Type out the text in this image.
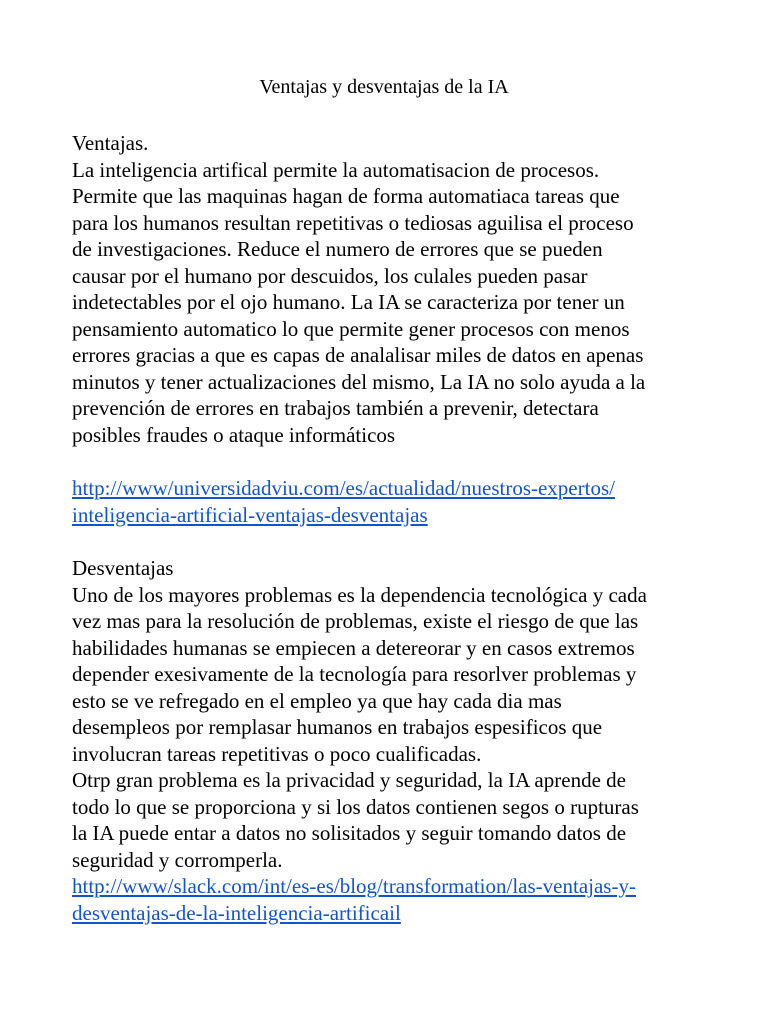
Ventajas y desventajas de la IA

Ventajas.

La inteligencia artifical permite la automatisacion de procesos.

Permite que las maquinas hagan de forma automatiaca tareas que

para los humanos resultan repetitivas o tediosas aguilisa el proceso

de investigaciones. Reduce el numero de errores que se pueden

causar por el humano por descuidos, los culales pueden pasar

indetectables por el ojo humano. La IA se caracteriza por tener un

pensamiento automatico lo que permite gener procesos con menos

errores gracias a que es capas de analalisar miles de datos en apenas

minutos y tener actualizaciones del mismo, La IA no solo ayuda a la

prevención de errores en trabajos también a prevenir, detectara

posibles fraudes o ataque informáticos

http://www/universidadviu.com/es/actualidad/nuestros-expertos/

inteligencia-artificial-ventajas-desventajas

Desventajas

Uno de los mayores problemas es la dependencia tecnológica y cada

vez mas para la resolución de problemas, existe el riesgo de que las

habilidades humanas se empiecen a detereorar y en casos extremos

depender exesivamente de la tecnología para resorlver problemas y

esto se ve refregado en el empleo ya que hay cada dia mas

desempleos por remplasar humanos en trabajos espesificos que

involucran tareas repetitivas o poco cualificadas.

Otrp gran problema es la privacidad y seguridad, la IA aprende de

todo lo que se proporciona y si los datos contienen segos o rupturas

la IA puede entar a datos no solisitados y seguir tomando datos de

seguridad y corromperla.

http://www/slack.com/int/es-es/blog/transformation/las-ventajas-y-

desventajas-de-la-inteligencia-artificail
